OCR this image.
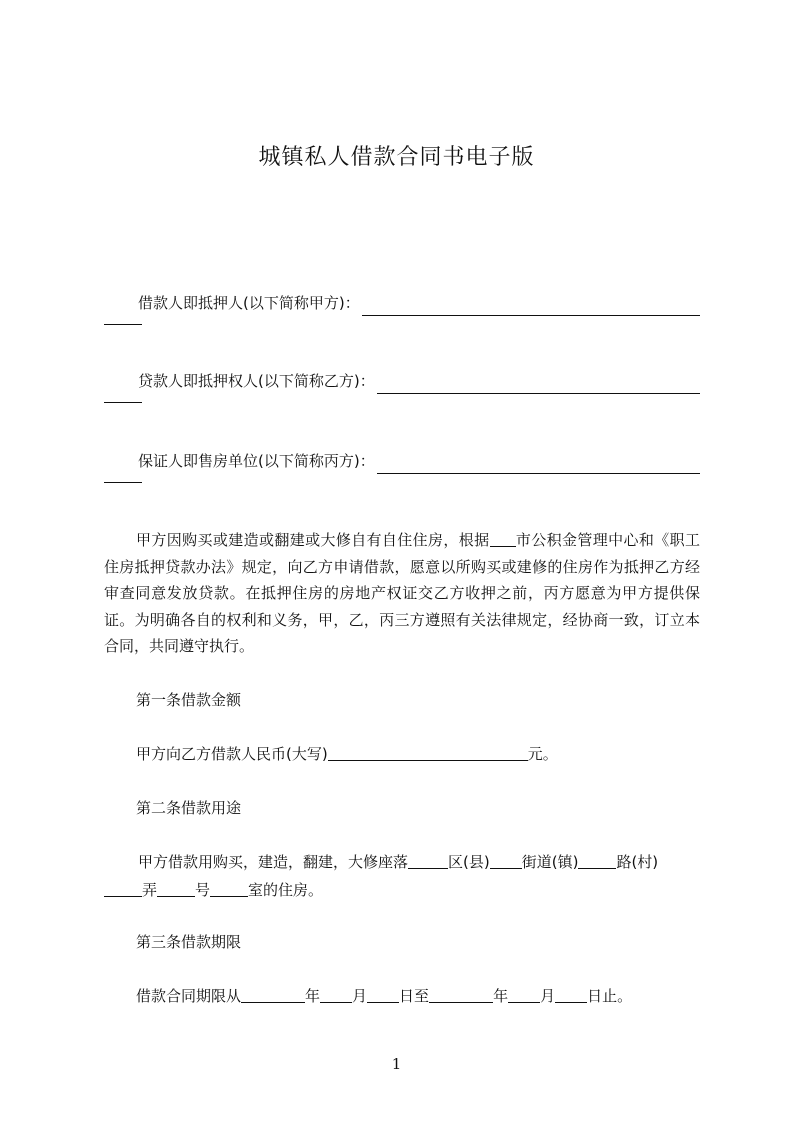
城镇私人借款合同书电子版
借款人即抵押人(以下简称甲方)：
贷款人即抵押权人(以下简称乙方)：
保证人即售房单位(以下简称丙方)：
甲方因购买或建造或翻建或大修自有自住住房，根据 市公积金管理中心和《职工住房抵押贷款办法》规定，向乙方申请借款，愿意以所购买或建修的住房作为抵押乙方经审查同意发放贷款。在抵押住房的房地产权证交乙方收押之前，丙方愿意为甲方提供保证。为明确各自的权利和义务，甲，乙，丙三方遵照有关法律规定，经协商一致，订立本合同，共同遵守执行。
第一条借款金额
甲方向乙方借款人民币(大写)	元。
第二条借款用途
甲方借款用购买，建造，翻建，大修座落	区(县) 街道(镇)	路(村)
弄	号	室的住房。
第三条借款期限
借款合同期限从	年 月 日至	年 月 日止。
1
